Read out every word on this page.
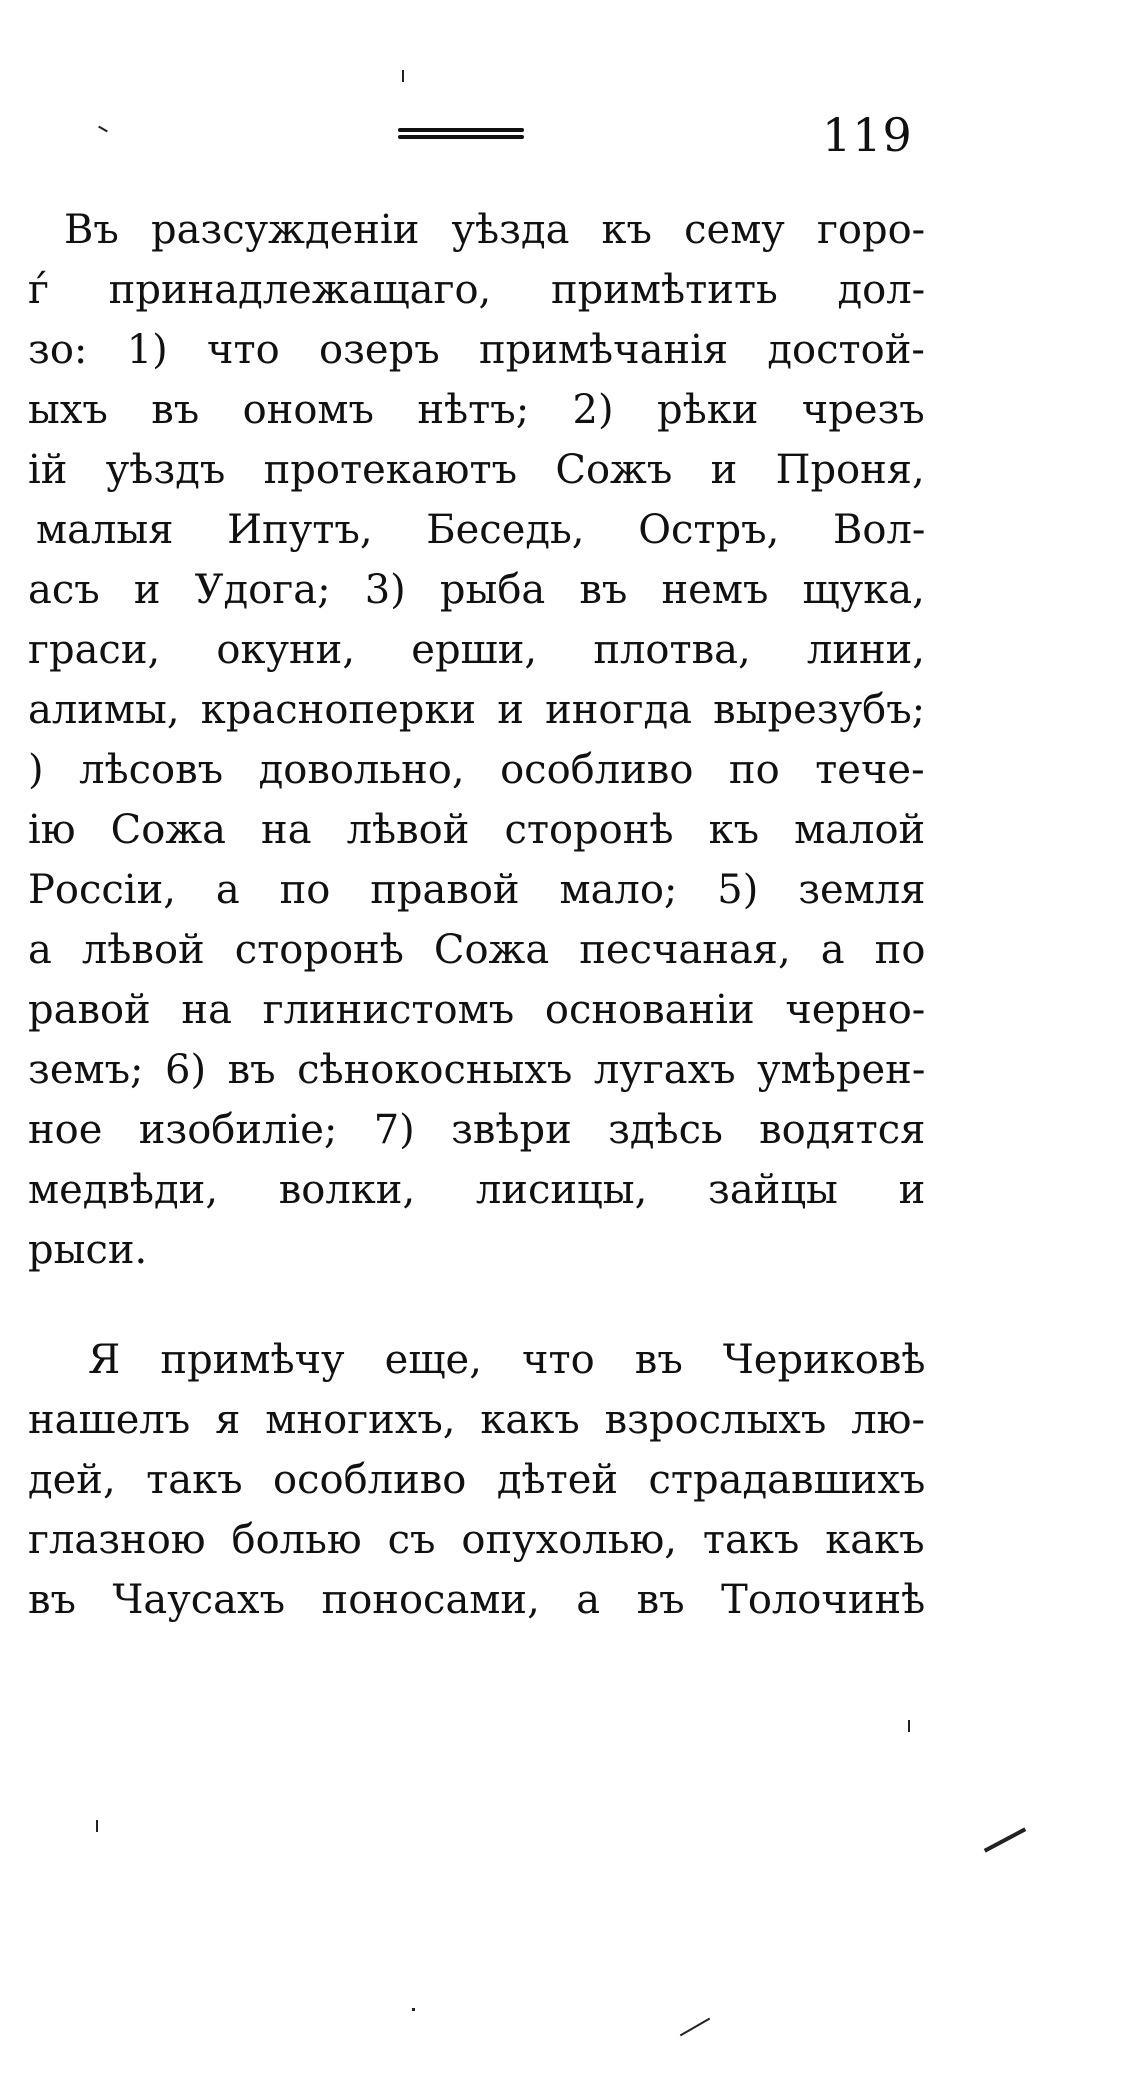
119
Въ разсужденіи уѣзда къ сему горо-
ѓ принадлежащаго, примѣтить дол-
зо: 1) что озеръ примѣчанія достой-
ыхъ въ ономъ нѣтъ; 2) рѣки чрезъ
ій уѣздъ протекаютъ Сожъ и Проня,
малыя Ипутъ, Беседь, Остръ, Вол-
асъ и Удога; 3) рыба въ немъ щука,
граси, окуни, ерши, плотва, лини,
алимы, красноперки и иногда вырезубъ;
) лѣсовъ довольно, особливо по тече-
ію Сожа на лѣвой сторонѣ къ малой
Россіи, а по правой мало; 5) земля
а лѣвой сторонѣ Сожа песчаная, а по
равой на глинистомъ основаніи черно-
земъ; 6) въ сѣнокосныхъ лугахъ умѣрен-
ное изобиліе; 7) звѣри здѣсь водятся
медвѣди, волки, лисицы, зайцы и
рыси.
Я примѣчу еще, что въ Чериковѣ
нашелъ я многихъ, какъ взрослыхъ лю-
дей, такъ особливо дѣтей страдавшихъ
глазною болью съ опухолью, такъ какъ
въ Чаусахъ поносами, а въ Толочинѣ
